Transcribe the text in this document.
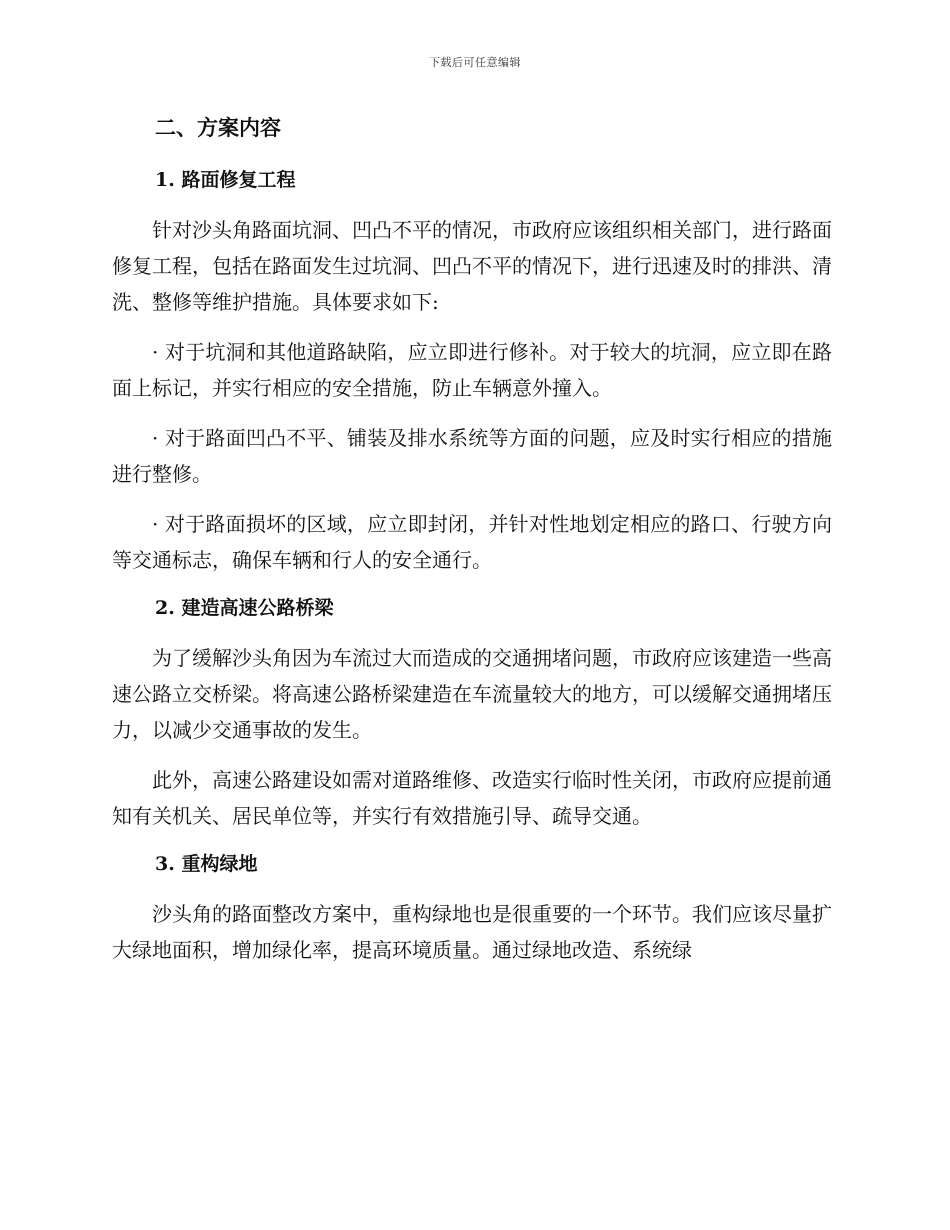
下载后可任意编辑
二、方案内容
1. 路面修复工程

针对沙头角路面坑洞、凹凸不平的情况，市政府应该组织相关部门，进行路面修复工程，包括在路面发生过坑洞、凹凸不平的情况下，进行迅速及时的排洪、清洗、整修等维护措施。具体要求如下:

· 对于坑洞和其他道路缺陷，应立即进行修补。对于较大的坑洞，应立即在路面上标记，并实行相应的安全措施，防止车辆意外撞入。

· 对于路面凹凸不平、铺装及排水系统等方面的问题，应及时实行相应的措施进行整修。

· 对于路面损坏的区域，应立即封闭，并针对性地划定相应的路口、行驶方向等交通标志，确保车辆和行人的安全通行。

2. 建造高速公路桥梁

为了缓解沙头角因为车流过大而造成的交通拥堵问题，市政府应该建造一些高速公路立交桥梁。将高速公路桥梁建造在车流量较大的地方，可以缓解交通拥堵压力，以减少交通事故的发生。

此外，高速公路建设如需对道路维修、改造实行临时性关闭，市政府应提前通知有关机关、居民单位等，并实行有效措施引导、疏导交通。

3. 重构绿地

沙头角的路面整改方案中，重构绿地也是很重要的一个环节。我们应该尽量扩大绿地面积，增加绿化率，提高环境质量。通过绿地改造、系统绿
